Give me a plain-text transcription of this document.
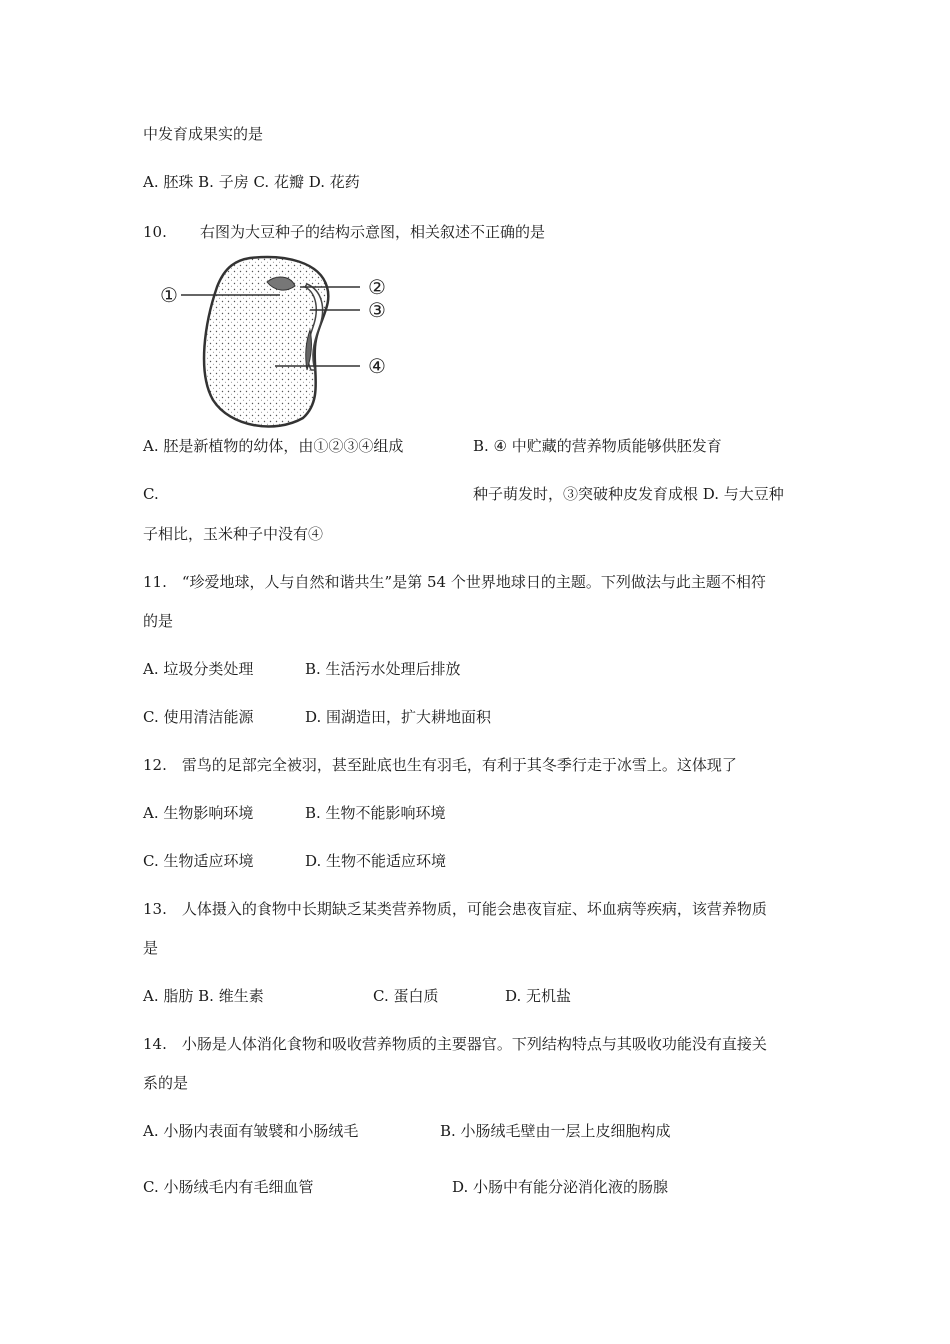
中发育成果实的是
A. 胚珠 B. 子房 C. 花瓣 D. 花药
10. 右图为大豆种子的结构示意图，相关叙述不正确的是
①	②
③
④
A. 胚是新植物的幼体，由①②③④组成	B. ④ 中贮藏的营养物质能够供胚发育
C.	种子萌发时，③突破种皮发育成根 D. 与大豆种
子相比，玉米种子中没有④
11.　“珍爱地球，人与自然和谐共生”是第 54 个世界地球日的主题。下列做法与此主题不相符
的是
A. 垃圾分类处理	B. 生活污水处理后排放
C. 使用清洁能源	D. 围湖造田，扩大耕地面积
12.　雷鸟的足部完全被羽，甚至趾底也生有羽毛，有利于其冬季行走于冰雪上。这体现了
A. 生物影响环境	B. 生物不能影响环境
C. 生物适应环境	D. 生物不能适应环境
13.　人体摄入的食物中长期缺乏某类营养物质，可能会患夜盲症、坏血病等疾病，该营养物质
是
A. 脂肪 B. 维生素	C. 蛋白质	D. 无机盐
14.　小肠是人体消化食物和吸收营养物质的主要器官。下列结构特点与其吸收功能没有直接关
系的是
A. 小肠内表面有皱襞和小肠绒毛	B. 小肠绒毛壁由一层上皮细胞构成
C. 小肠绒毛内有毛细血管	D. 小肠中有能分泌消化液的肠腺
